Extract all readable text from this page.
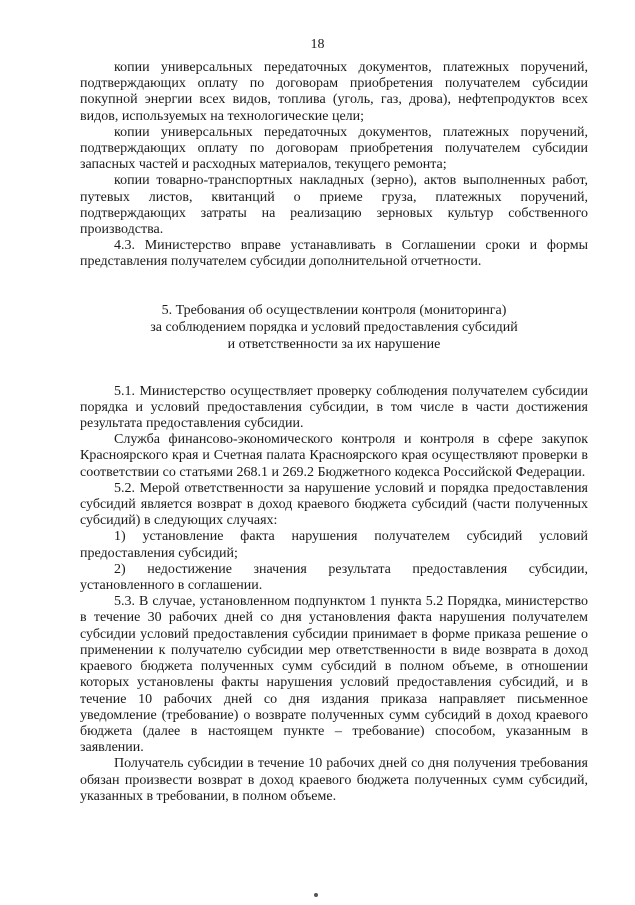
18

копии универсальных передаточных документов, платежных поручений, подтверждающих оплату по договорам приобретения получателем субсидии покупной энергии всех видов, топлива (уголь, газ, дрова), нефтепродуктов всех видов, используемых на технологические цели;

копии универсальных передаточных документов, платежных поручений, подтверждающих оплату по договорам приобретения получателем субсидии запасных частей и расходных материалов, текущего ремонта;

копии товарно-транспортных накладных (зерно), актов выполненных работ, путевых листов, квитанций о приеме груза, платежных поручений, подтверждающих затраты на реализацию зерновых культур собственного производства.

4.3. Министерство вправе устанавливать в Соглашении сроки и формы представления получателем субсидии дополнительной отчетности.

5. Требования об осуществлении контроля (мониторинга)
за соблюдением порядка и условий предоставления субсидий
и ответственности за их нарушение

5.1. Министерство осуществляет проверку соблюдения получателем субсидии порядка и условий предоставления субсидии, в том числе в части достижения результата предоставления субсидии.

Служба финансово-экономического контроля и контроля в сфере закупок Красноярского края и Счетная палата Красноярского края осуществляют проверки в соответствии со статьями 268.1 и 269.2 Бюджетного кодекса Российской Федерации.

5.2. Мерой ответственности за нарушение условий и порядка предоставления субсидий является возврат в доход краевого бюджета субсидий (части полученных субсидий) в следующих случаях:

1) установление факта нарушения получателем субсидий условий предоставления субсидий;

2) недостижение значения результата предоставления субсидии, установленного в соглашении.

5.3. В случае, установленном подпунктом 1 пункта 5.2 Порядка, министерство в течение 30 рабочих дней со дня установления факта нарушения получателем субсидии условий предоставления субсидии принимает в форме приказа решение о применении к получателю субсидии мер ответственности в виде возврата в доход краевого бюджета полученных сумм субсидий в полном объеме, в отношении которых установлены факты нарушения условий предоставления субсидий, и в течение 10 рабочих дней со дня издания приказа направляет письменное уведомление (требование) о возврате полученных сумм субсидий в доход краевого бюджета (далее в настоящем пункте – требование) способом, указанным в заявлении.

Получатель субсидии в течение 10 рабочих дней со дня получения требования обязан произвести возврат в доход краевого бюджета полученных сумм субсидий, указанных в требовании, в полном объеме.
